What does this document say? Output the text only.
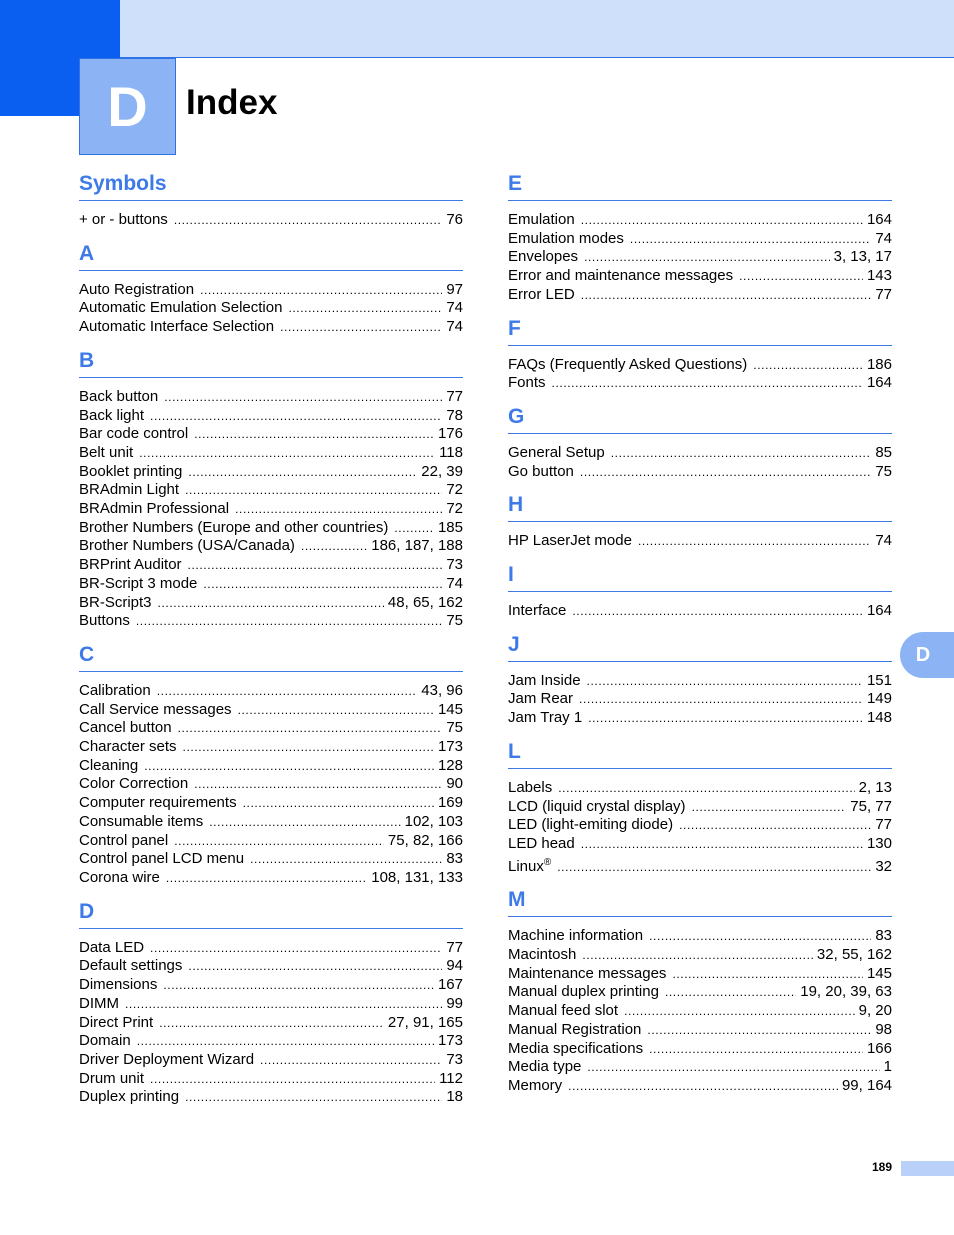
D	Index
Symbols
+ or - buttons .....	76
A
Auto Registration .....	97
Automatic Emulation Selection .....	74
Automatic Interface Selection .....	74
B
Back button .....	77
Back light .....	78
Bar code control .....	176
Belt unit .....	118
Booklet printing .....	22, 39
BRAdmin Light .....	72
BRAdmin Professional .....	72
Brother Numbers (Europe and other countries) .....	185
Brother Numbers (USA/Canada) .....	186, 187, 188
BRPrint Auditor .....	73
BR-Script 3 mode .....	74
BR-Script3 .....	48, 65, 162
Buttons .....	75
C
Calibration .....	43, 96
Call Service messages .....	145
Cancel button .....	75
Character sets .....	173
Cleaning .....	128
Color Correction .....	90
Computer requirements .....	169
Consumable items .....	102, 103
Control panel .....	75, 82, 166
Control panel LCD menu .....	83
Corona wire .....	108, 131, 133
D
Data LED .....	77
Default settings .....	94
Dimensions .....	167
DIMM .....	99
Direct Print .....	27, 91, 165
Domain .....	173
Driver Deployment Wizard .....	73
Drum unit .....	112
Duplex printing .....	18
E
Emulation .....	164
Emulation modes .....	74
Envelopes .....	3, 13, 17
Error and maintenance messages .....	143
Error LED .....	77
F
FAQs (Frequently Asked Questions) .....	186
Fonts .....	164
G
General Setup .....	85
Go button .....	75
H
HP LaserJet mode .....	74
I
Interface .....	164
J
Jam Inside .....	151
Jam Rear .....	149
Jam Tray 1 .....	148
L
Labels .....	2, 13
LCD (liquid crystal display) .....	75, 77
LED (light-emiting diode) .....	77
LED head .....	130
Linux® .....	32
M
Machine information .....	83
Macintosh .....	32, 55, 162
Maintenance messages .....	145
Manual duplex printing .....	19, 20, 39, 63
Manual feed slot .....	9, 20
Manual Registration .....	98
Media specifications .....	166
Media type .....	1
Memory .....	99, 164
D
189
